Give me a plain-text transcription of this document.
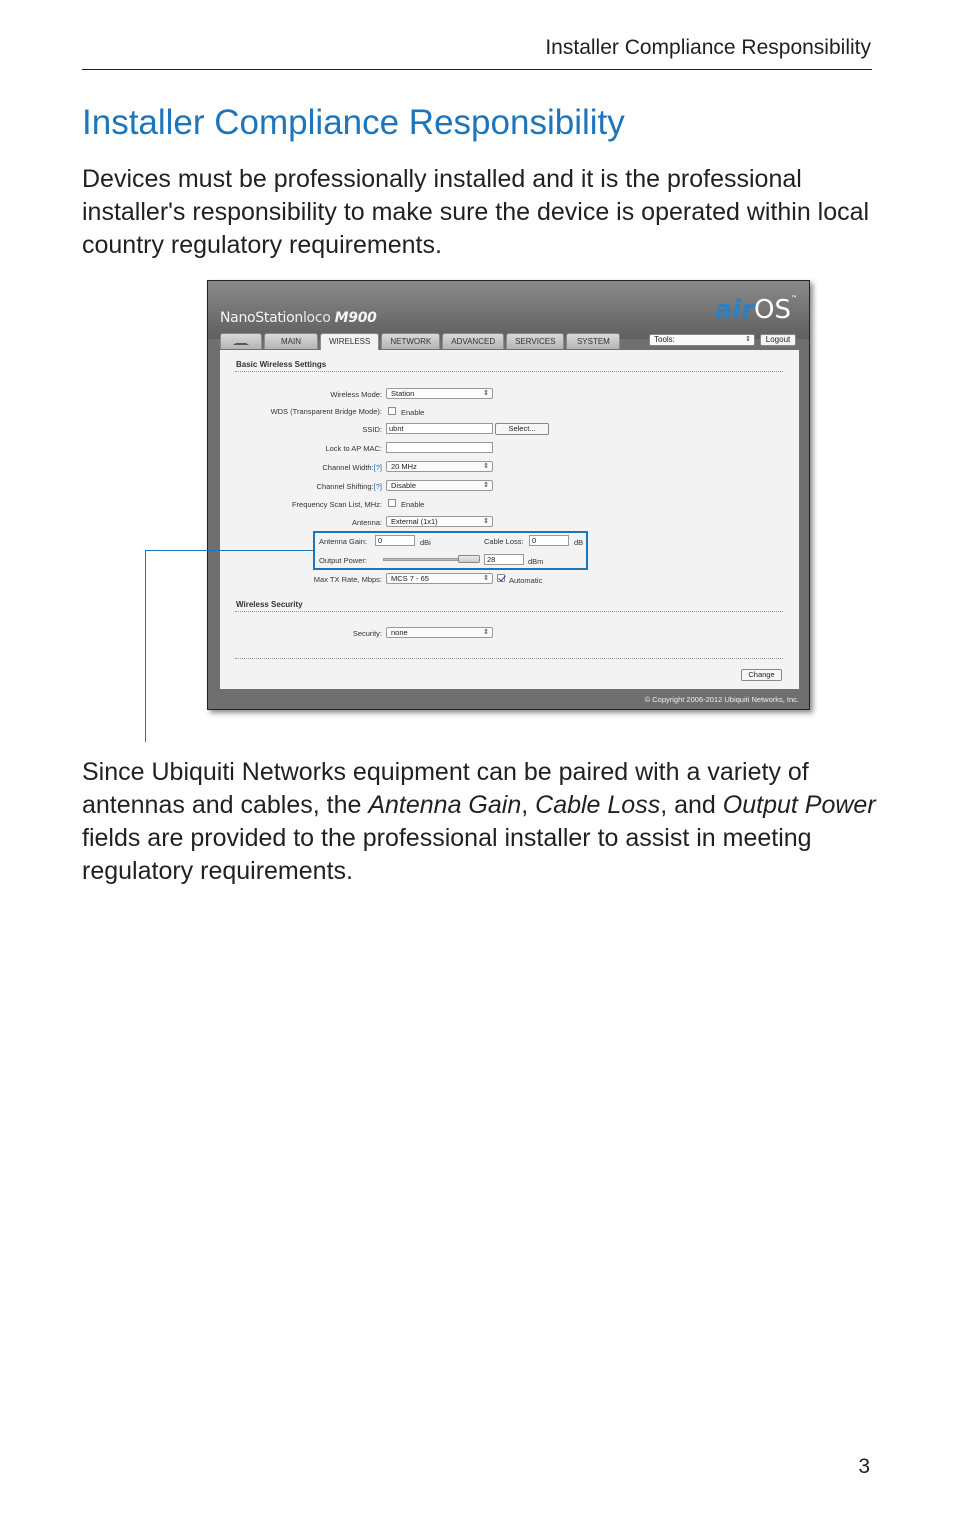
Installer Compliance Responsibility
Installer Compliance Responsibility

Devices must be professionally installed and it is the professional installer's responsibility to make sure the device is operated within local country regulatory requirements.

NanoStationloco M900	airOS™
MAIN	WIRELESS	NETWORK	ADVANCED	SERVICES	SYSTEM	Tools:	⇕	Logout
Basic Wireless Settings
Wireless Mode:	Station	⇕
WDS (Transparent Bridge Mode):	Enable
SSID: ubnt	Select...
Lock to AP MAC:
Channel Width:[?]	20 MHz	⇕
Channel Shifting:[?]	Disable	⇕
Frequency Scan List, MHz:	Enable
Antenna:	External (1x1)	⇕
Antenna Gain:	0	dBi	Cable Loss:	0	dB
Output Power:	28	dBm
Max TX Rate, Mbps:	MCS 7 - 65	⇕	Automatic
Wireless Security
Security:	none	⇕
Change
© Copyright 2006-2012 Ubiquiti Networks, Inc.

Since Ubiquiti Networks equipment can be paired with a variety of antennas and cables, the Antenna Gain, Cable Loss, and Output Power fields are provided to the professional installer to assist in meeting regulatory requirements.

3
